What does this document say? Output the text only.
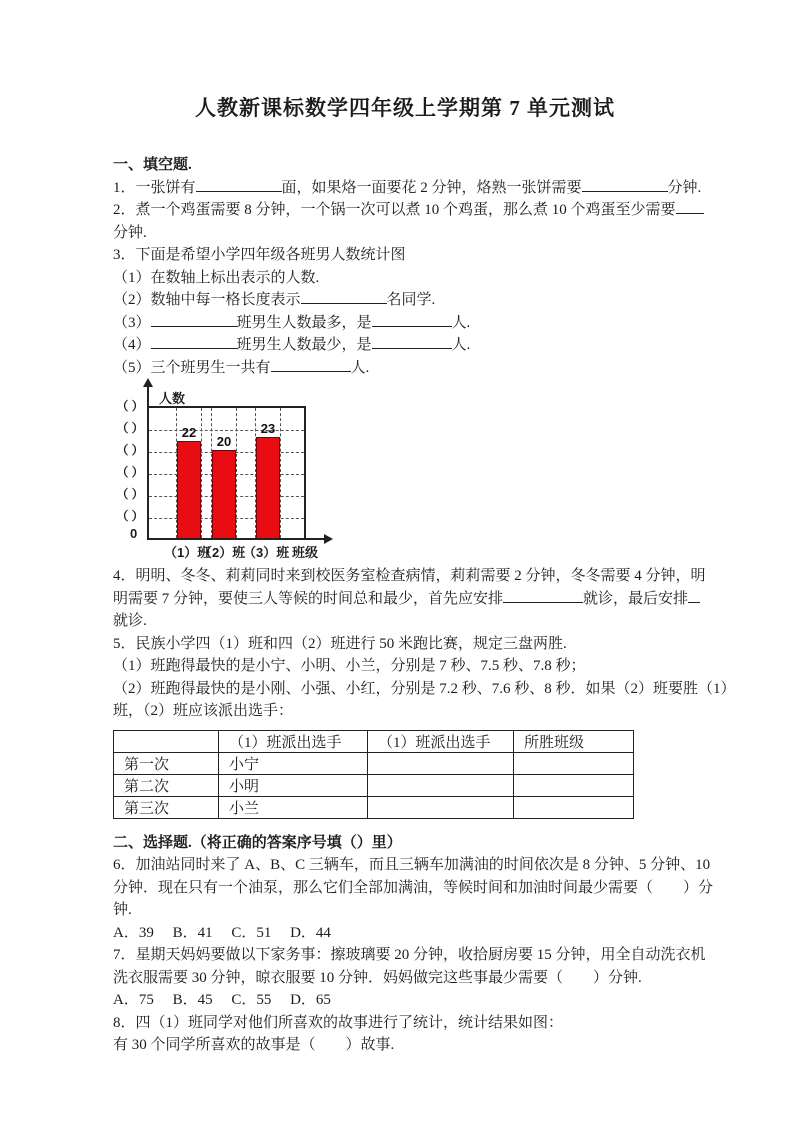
人教新课标数学四年级上学期第 7 单元测试
一、填空题.
1．一张饼有	面，如果烙一面要花 2 分钟，烙熟一张饼需要	分钟.
2．煮一个鸡蛋需要 8 分钟，一个锅一次可以煮 10 个鸡蛋，那么煮 10 个鸡蛋至少需要
分钟.
3．下面是希望小学四年级各班男人数统计图
（1）在数轴上标出表示的人数.
（2）数轴中每一格长度表示	名同学.
（3）	班男生人数最多，是	人.
（4）	班男生人数最少，是	人.
（5）三个班男生一共有	人.
人数
（ ）
（ ）
（ ）
（ ）
（ ）
（ ）
0
22
20
23
（1）班
（2）班
（3）班 班级
4．明明、冬冬、莉莉同时来到校医务室检查病情，莉莉需要 2 分钟，冬冬需要 4 分钟，明
明需要 7 分钟，要使三人等候的时间总和最少，首先应安排	就诊，最后安排
就诊.
5．民族小学四（1）班和四（2）班进行 50 米跑比赛，规定三盘两胜.
（1）班跑得最快的是小宁、小明、小兰，分别是 7 秒、7.5 秒、7.8 秒；
（2）班跑得最快的是小刚、小强、小红，分别是 7.2 秒、7.6 秒、8 秒．如果（2）班要胜（1）
班，（2）班应该派出选手：
	（1）班派出选手	（1）班派出选手	所胜班级
第一次	小宁		
第二次	小明		
第三次	小兰		
二、选择题.（将正确的答案序号填（）里）
6．加油站同时来了 A、B、C 三辆车，而且三辆车加满油的时间依次是 8 分钟、5 分钟、10
分钟．现在只有一个油泵，那么它们全部加满油，等候时间和加油时间最少需要（　　）分
钟.
A．39　 B．41　 C．51　 D．44
7．星期天妈妈要做以下家务事：擦玻璃要 20 分钟，收拾厨房要 15 分钟，用全自动洗衣机
洗衣服需要 30 分钟，晾衣服要 10 分钟．妈妈做完这些事最少需要（　　）分钟.
A．75　 B．45　 C．55　 D．65
8．四（1）班同学对他们所喜欢的故事进行了统计，统计结果如图：
有 30 个同学所喜欢的故事是（　　）故事.
